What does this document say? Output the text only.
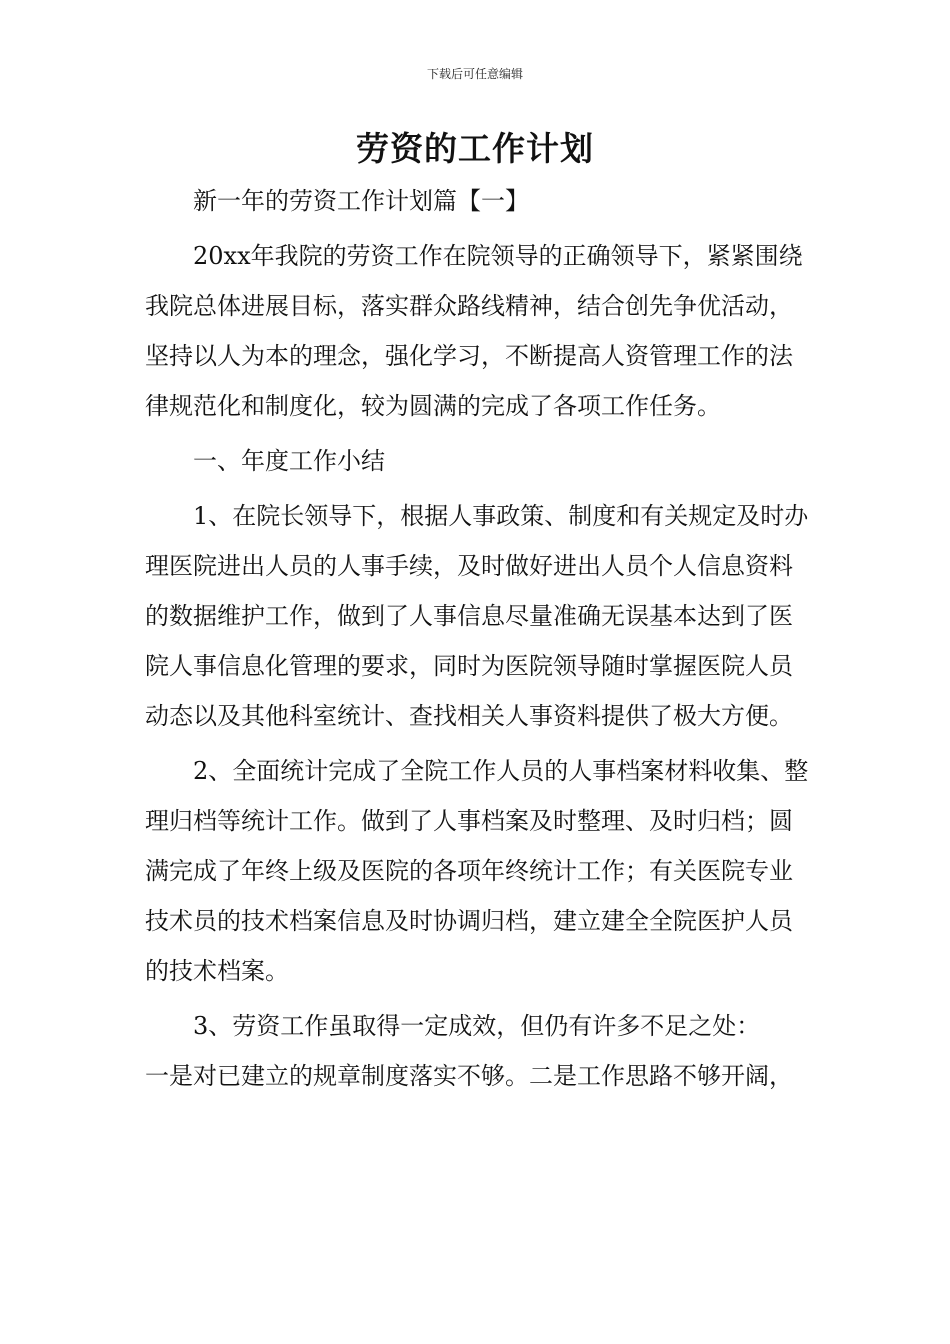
下载后可任意编辑
劳资的工作计划

新一年的劳资工作计划篇【一】

20xx年我院的劳资工作在院领导的正确领导下，紧紧围绕我院总体进展目标，落实群众路线精神，结合创先争优活动，坚持以人为本的理念，强化学习，不断提高人资管理工作的法律规范化和制度化，较为圆满的完成了各项工作任务。

一、年度工作小结

1、在院长领导下，根据人事政策、制度和有关规定及时办理医院进出人员的人事手续，及时做好进出人员个人信息资料的数据维护工作，做到了人事信息尽量准确无误基本达到了医院人事信息化管理的要求，同时为医院领导随时掌握医院人员动态以及其他科室统计、查找相关人事资料提供了极大方便。

2、全面统计完成了全院工作人员的人事档案材料收集、整理归档等统计工作。做到了人事档案及时整理、及时归档；圆满完成了年终上级及医院的各项年终统计工作；有关医院专业技术员的技术档案信息及时协调归档，建立建全全院医护人员的技术档案。

3、劳资工作虽取得一定成效，但仍有许多不足之处：

一是对已建立的规章制度落实不够。二是工作思路不够开阔，
